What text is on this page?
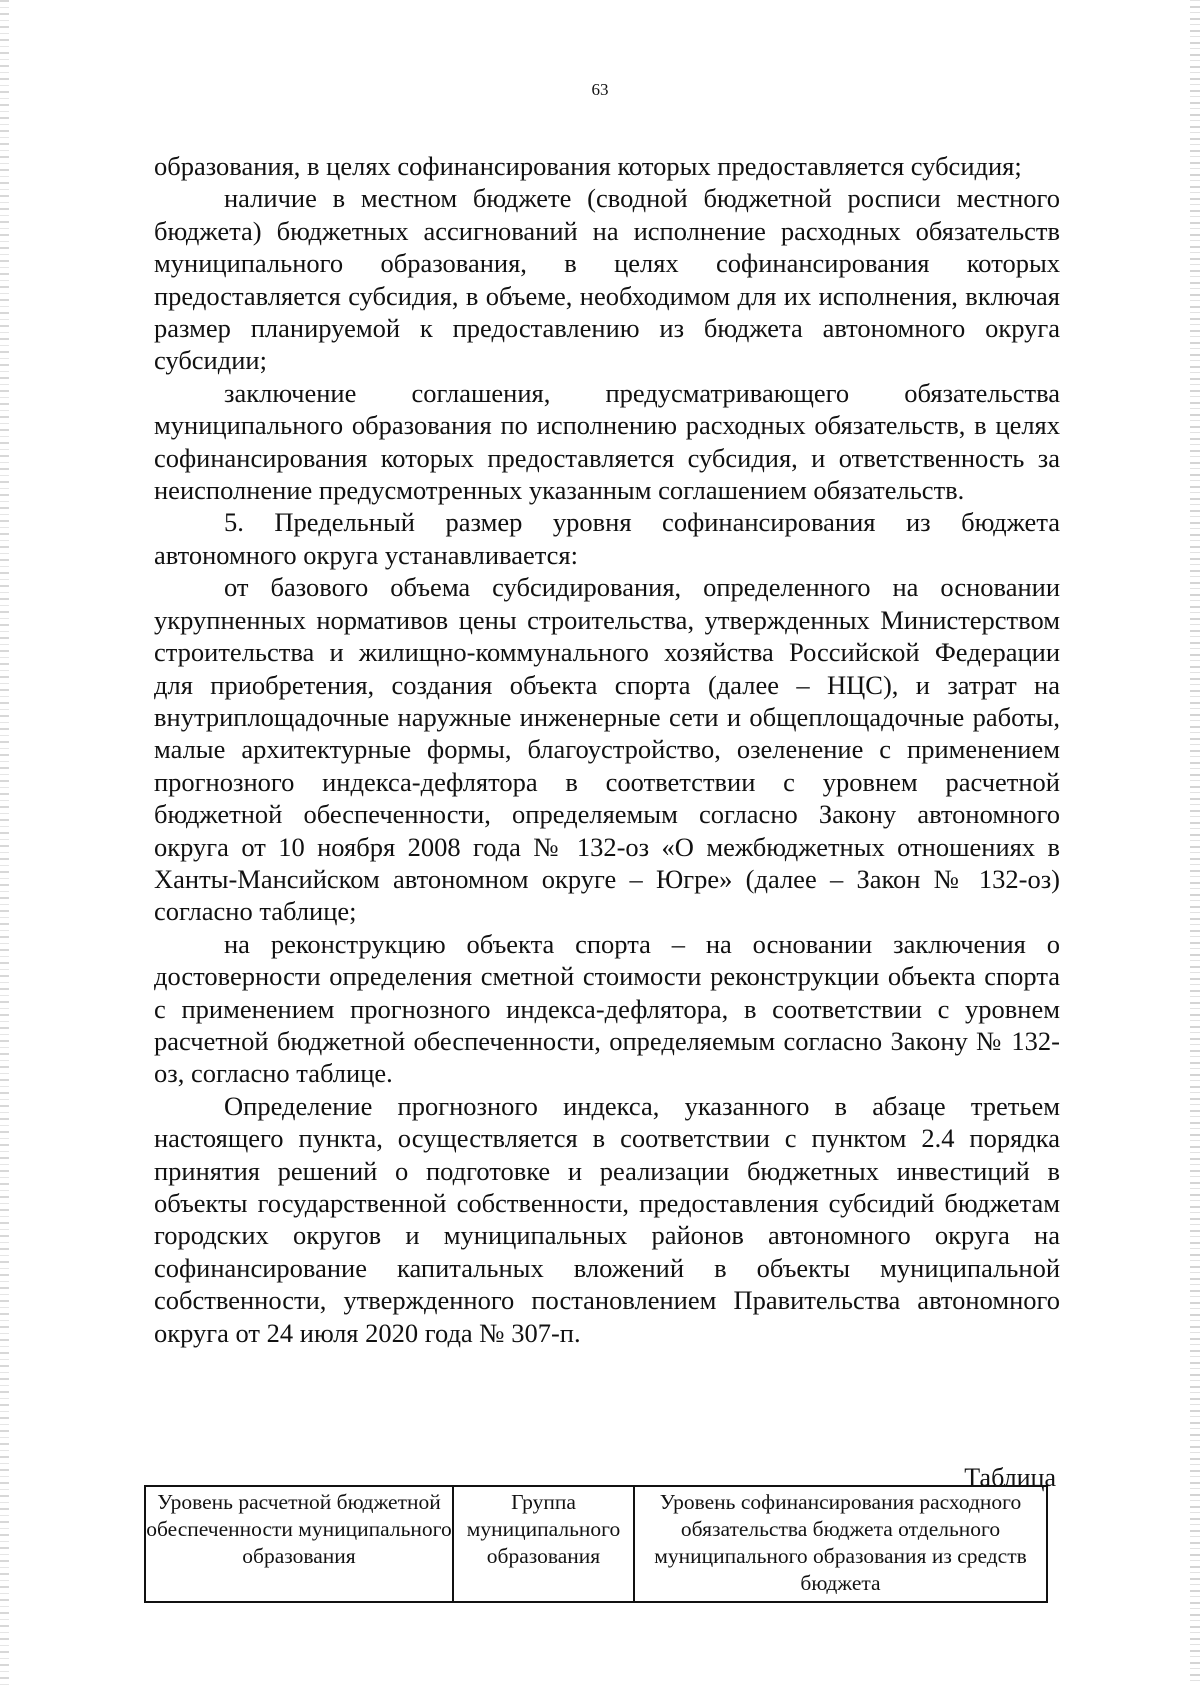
63

образования, в целях софинансирования которых предоставляется субсидия;

наличие в местном бюджете (сводной бюджетной росписи местного бюджета) бюджетных ассигнований на исполнение расходных обязательств муниципального образования, в целях софинансирования которых предоставляется субсидия, в объеме, необходимом для их исполнения, включая размер планируемой к предоставлению из бюджета автономного округа субсидии;

заключение соглашения, предусматривающего обязательства муниципального образования по исполнению расходных обязательств, в целях софинансирования которых предоставляется субсидия, и ответственность за неисполнение предусмотренных указанным соглашением обязательств.

5. Предельный размер уровня софинансирования из бюджета автономного округа устанавливается:

от базового объема субсидирования, определенного на основании укрупненных нормативов цены строительства, утвержденных Министерством строительства и жилищно-коммунального хозяйства Российской Федерации для приобретения, создания объекта спорта (далее – НЦС), и затрат на внутриплощадочные наружные инженерные сети и общеплощадочные работы, малые архитектурные формы, благоустройство, озеленение с применением прогнозного индекса-дефлятора в соответствии с уровнем расчетной бюджетной обеспеченности, определяемым согласно Закону автономного округа от 10 ноября 2008 года № 132-оз «О межбюджетных отношениях в Ханты-Мансийском автономном округе – Югре» (далее – Закон № 132-оз) согласно таблице;

на реконструкцию объекта спорта – на основании заключения о достоверности определения сметной стоимости реконструкции объекта спорта с применением прогнозного индекса-дефлятора, в соответствии с уровнем расчетной бюджетной обеспеченности, определяемым согласно Закону № 132-оз, согласно таблице.

Определение прогнозного индекса, указанного в абзаце третьем настоящего пункта, осуществляется в соответствии с пунктом 2.4 порядка принятия решений о подготовке и реализации бюджетных инвестиций в объекты государственной собственности, предоставления субсидий бюджетам городских округов и муниципальных районов автономного округа на софинансирование капитальных вложений в объекты муниципальной собственности, утвержденного постановлением Правительства автономного округа от 24 июля 2020 года № 307-п.

Таблица
Уровень расчетной бюджетной обеспеченности муниципального образования
Группа муниципального образования
Уровень софинансирования расходного обязательства бюджета отдельного муниципального образования из средств бюджета
